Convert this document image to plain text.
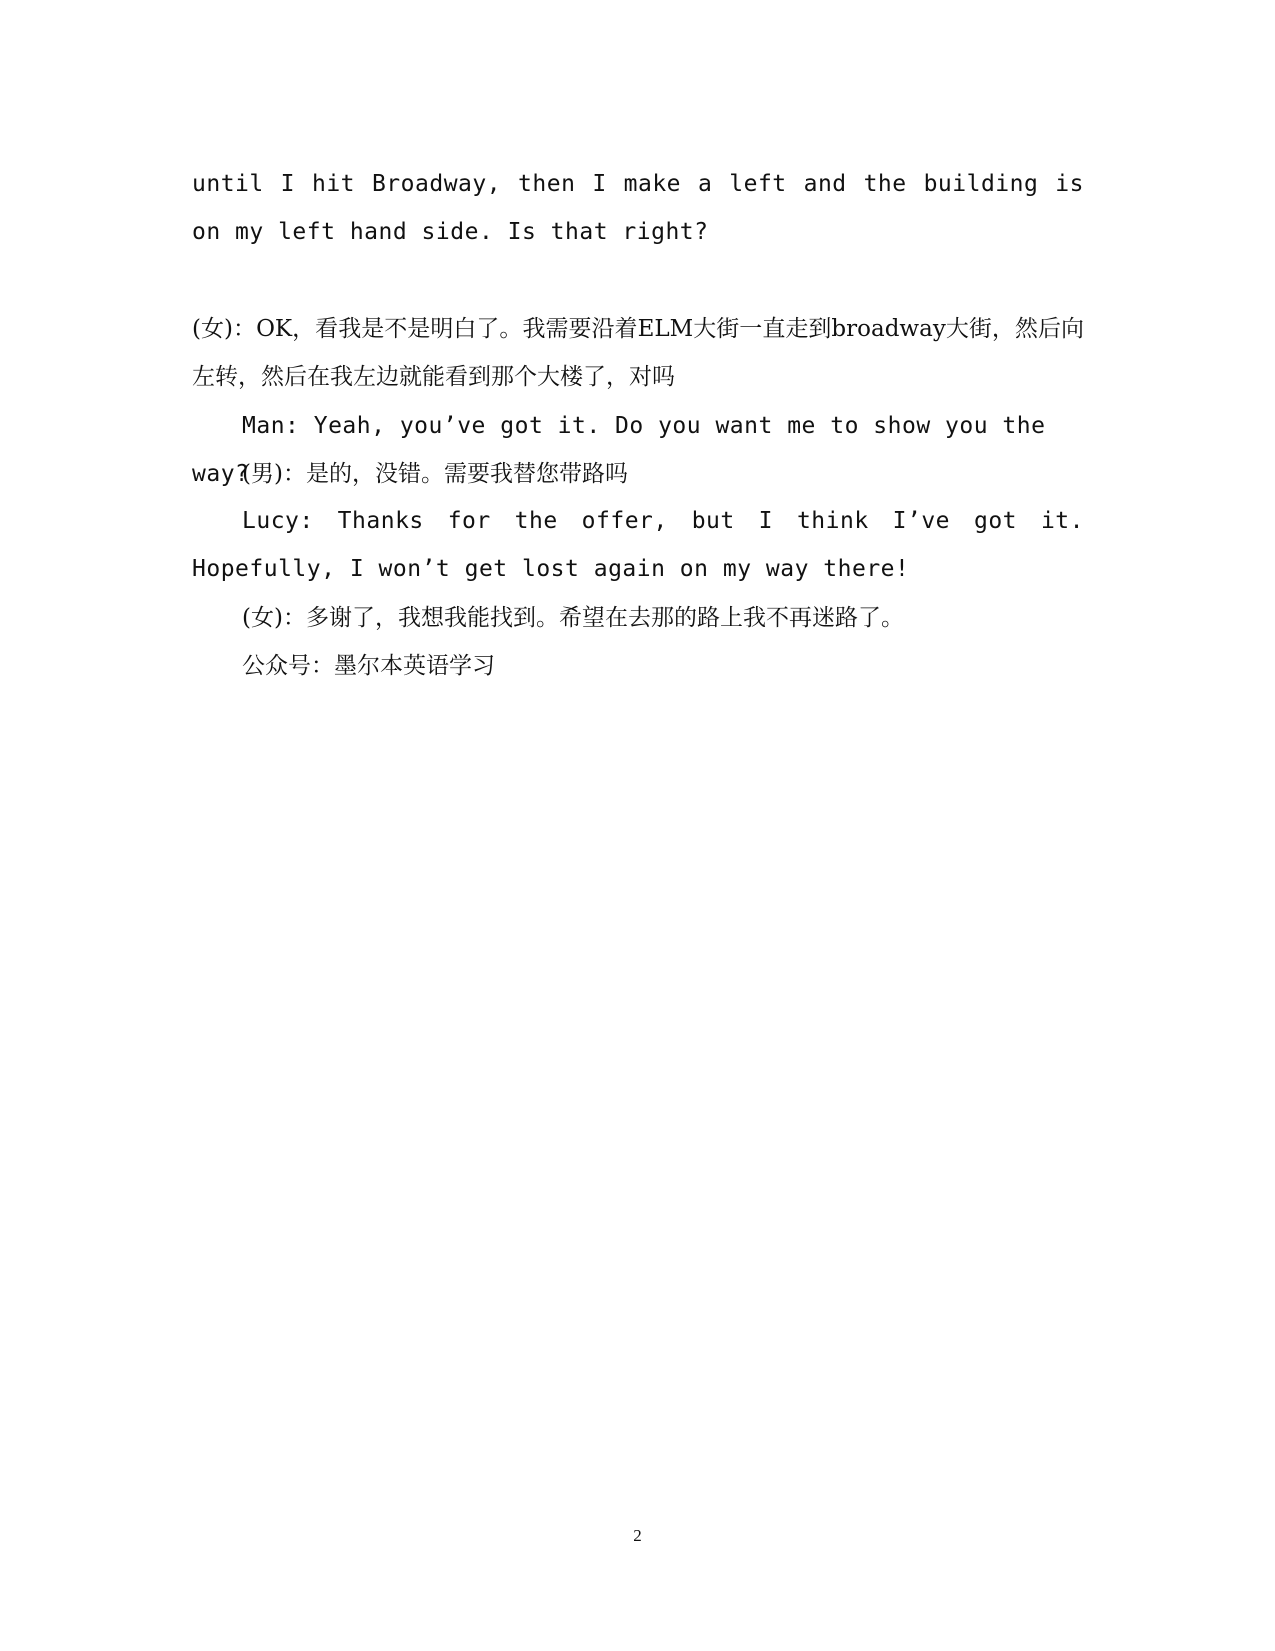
until I hit Broadway, then I make a left and the building is on my left hand side. Is that right?

(女)：OK，看我是不是明白了。我需要沿着ELM大街一直走到broadway大街，然后向左转，然后在我左边就能看到那个大楼了，对吗

Man: Yeah, you’ve got it. Do you want me to show you the way?

(男)：是的，没错。需要我替您带路吗

Lucy: Thanks for the offer, but I think I’ve got it. Hopefully, I won’t get lost again on my way there!

(女)：多谢了，我想我能找到。希望在去那的路上我不再迷路了。

公众号：墨尔本英语学习

2
